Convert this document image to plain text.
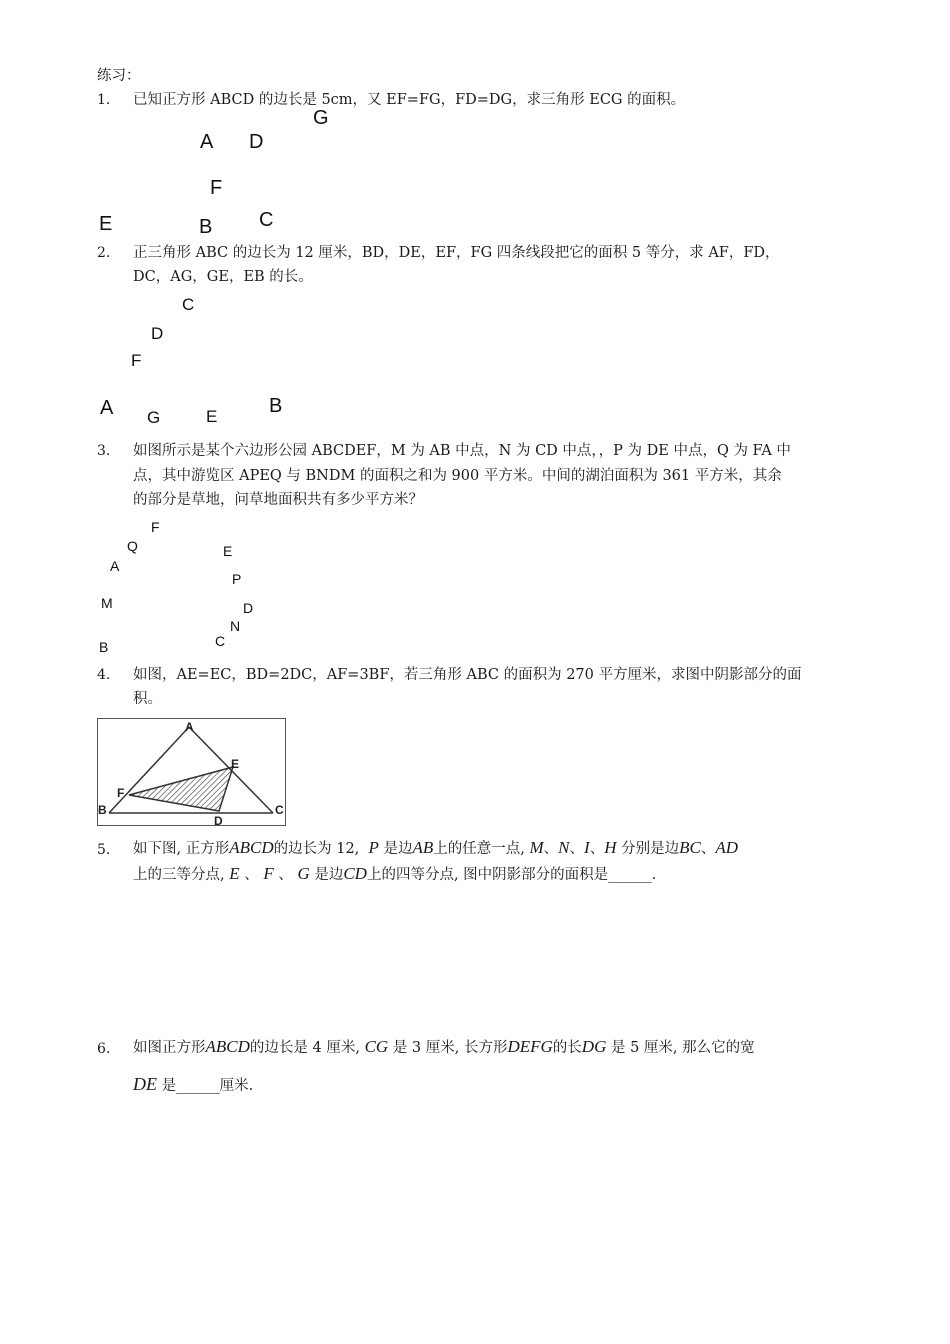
练习：
1. 已知正方形 ABCD 的边长是 5cm，又 EF=FG，FD=DG，求三角形 ECG 的面积。
G
A D
F
E	B C
2. 正三角形 ABC 的边长为 12 厘米，BD，DE，EF，FG 四条线段把它的面积 5 等分，求 AF，FD，
DC，AG，GE，EB 的长。
C
D
F
A G	E	B
3. 如图所示是某个六边形公园 ABCDEF，M 为 AB 中点，N 为 CD 中点，，P 为 DE 中点，Q 为 FA 中
点，其中游览区 APEQ 与 BNDM 的面积之和为 900 平方米。中间的湖泊面积为 361 平方米，其余
的部分是草地，问草地面积共有多少平方米？
F
Q	E
A
P
M	D
N
B	C
4. 如图，AE=EC，BD=2DC，AF=3BF，若三角形 ABC 的面积为 270 平方厘米，求图中阴影部分的面
积。
A
E
F
B	C
D
5. 如下图, 正方形ABCD的边长为 12, P 是边AB上的任意一点, M、N、I、H 分别是边BC、AD
上的三等分点, E 、 F 、 G 是边CD上的四等分点, 图中阴影部分的面积是______.
6. 如图正方形ABCD的边长是 4 厘米, CG 是 3 厘米, 长方形DEFG的长DG 是 5 厘米, 那么它的宽
DE 是______厘米.
